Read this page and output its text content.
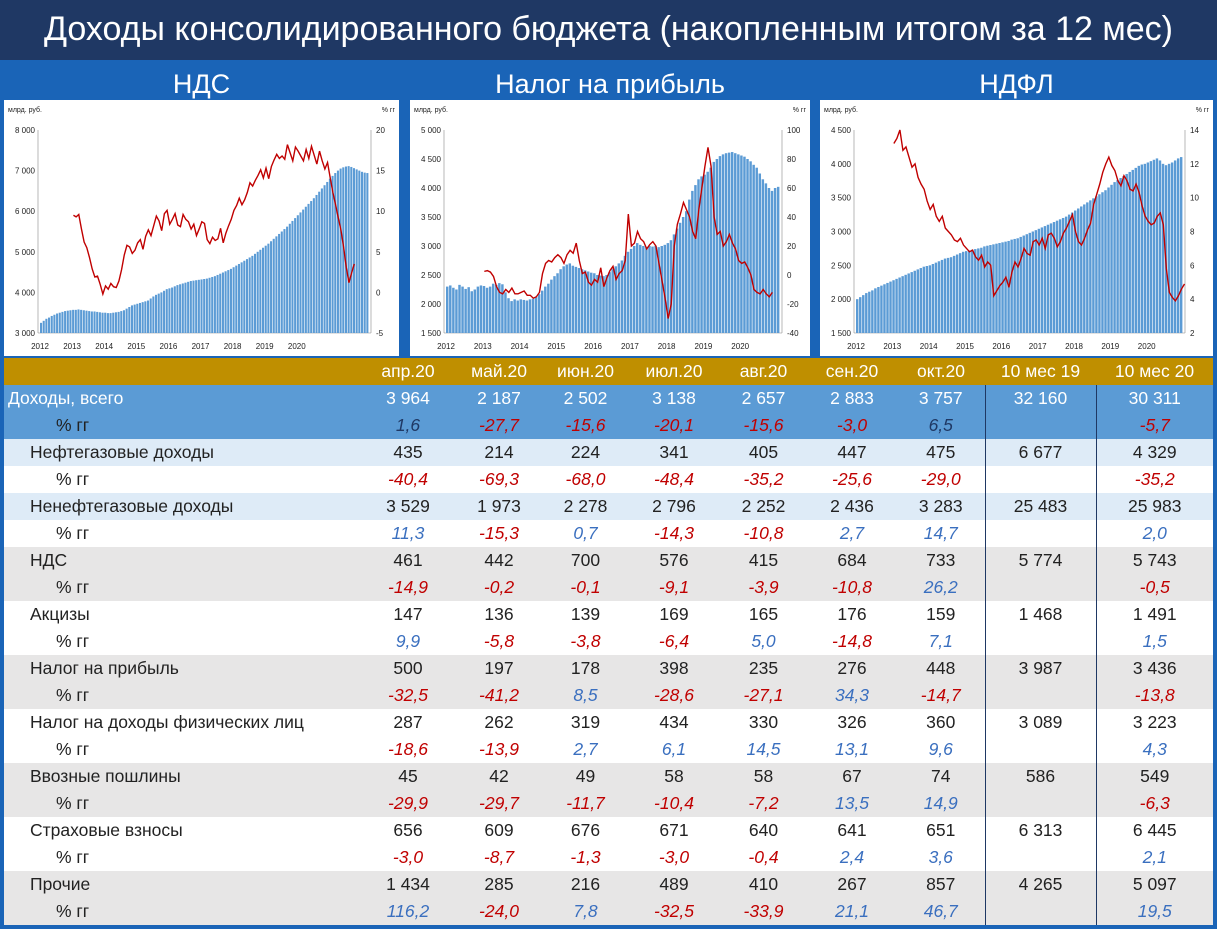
Доходы консолидированного бюджета (накопленным итогом за 12 мес)
НДС	Налог на прибыль	НДФЛ
млрд. руб.	% гг
3 000
4 000
5 000
6 000
7 000
8 000
-5
0
5
10
15
20
2012 2013 2014 2015 2016 2017 2018 2019 2020
млрд. руб.	% гг
1 500
2 000
2 500
3 000
3 500
4 000
4 500
5 000
-40
-20
0
20
40
60
80
100
2012 2013 2014 2015 2016 2017 2018 2019 2020
млрд. руб.	% гг
1 500
2 000
2 500
3 000
3 500
4 000
4 500
2
4
6
8
10
12
14
2012 2013 2014 2015 2016 2017 2018 2019 2020
	апр.20	май.20	июн.20	июл.20	авг.20	сен.20	окт.20	10 мес 19	10 мес 20
Доходы, всего	3 964	2 187	2 502	3 138	2 657	2 883	3 757	32 160	30 311
% гг	1,6	-27,7	-15,6	-20,1	-15,6	-3,0	6,5		-5,7
Нефтегазовые доходы	435	214	224	341	405	447	475	6 677	4 329
% гг	-40,4	-69,3	-68,0	-48,4	-35,2	-25,6	-29,0		-35,2
Ненефтегазовые доходы	3 529	1 973	2 278	2 796	2 252	2 436	3 283	25 483	25 983
% гг	11,3	-15,3	0,7	-14,3	-10,8	2,7	14,7		2,0
НДС	461	442	700	576	415	684	733	5 774	5 743
% гг	-14,9	-0,2	-0,1	-9,1	-3,9	-10,8	26,2		-0,5
Акцизы	147	136	139	169	165	176	159	1 468	1 491
% гг	9,9	-5,8	-3,8	-6,4	5,0	-14,8	7,1		1,5
Налог на прибыль	500	197	178	398	235	276	448	3 987	3 436
% гг	-32,5	-41,2	8,5	-28,6	-27,1	34,3	-14,7		-13,8
Налог на доходы физических лиц	287	262	319	434	330	326	360	3 089	3 223
% гг	-18,6	-13,9	2,7	6,1	14,5	13,1	9,6		4,3
Ввозные пошлины	45	42	49	58	58	67	74	586	549
% гг	-29,9	-29,7	-11,7	-10,4	-7,2	13,5	14,9		-6,3
Страховые взносы	656	609	676	671	640	641	651	6 313	6 445
% гг	-3,0	-8,7	-1,3	-3,0	-0,4	2,4	3,6		2,1
Прочие	1 434	285	216	489	410	267	857	4 265	5 097
% гг	116,2	-24,0	7,8	-32,5	-33,9	21,1	46,7		19,5
